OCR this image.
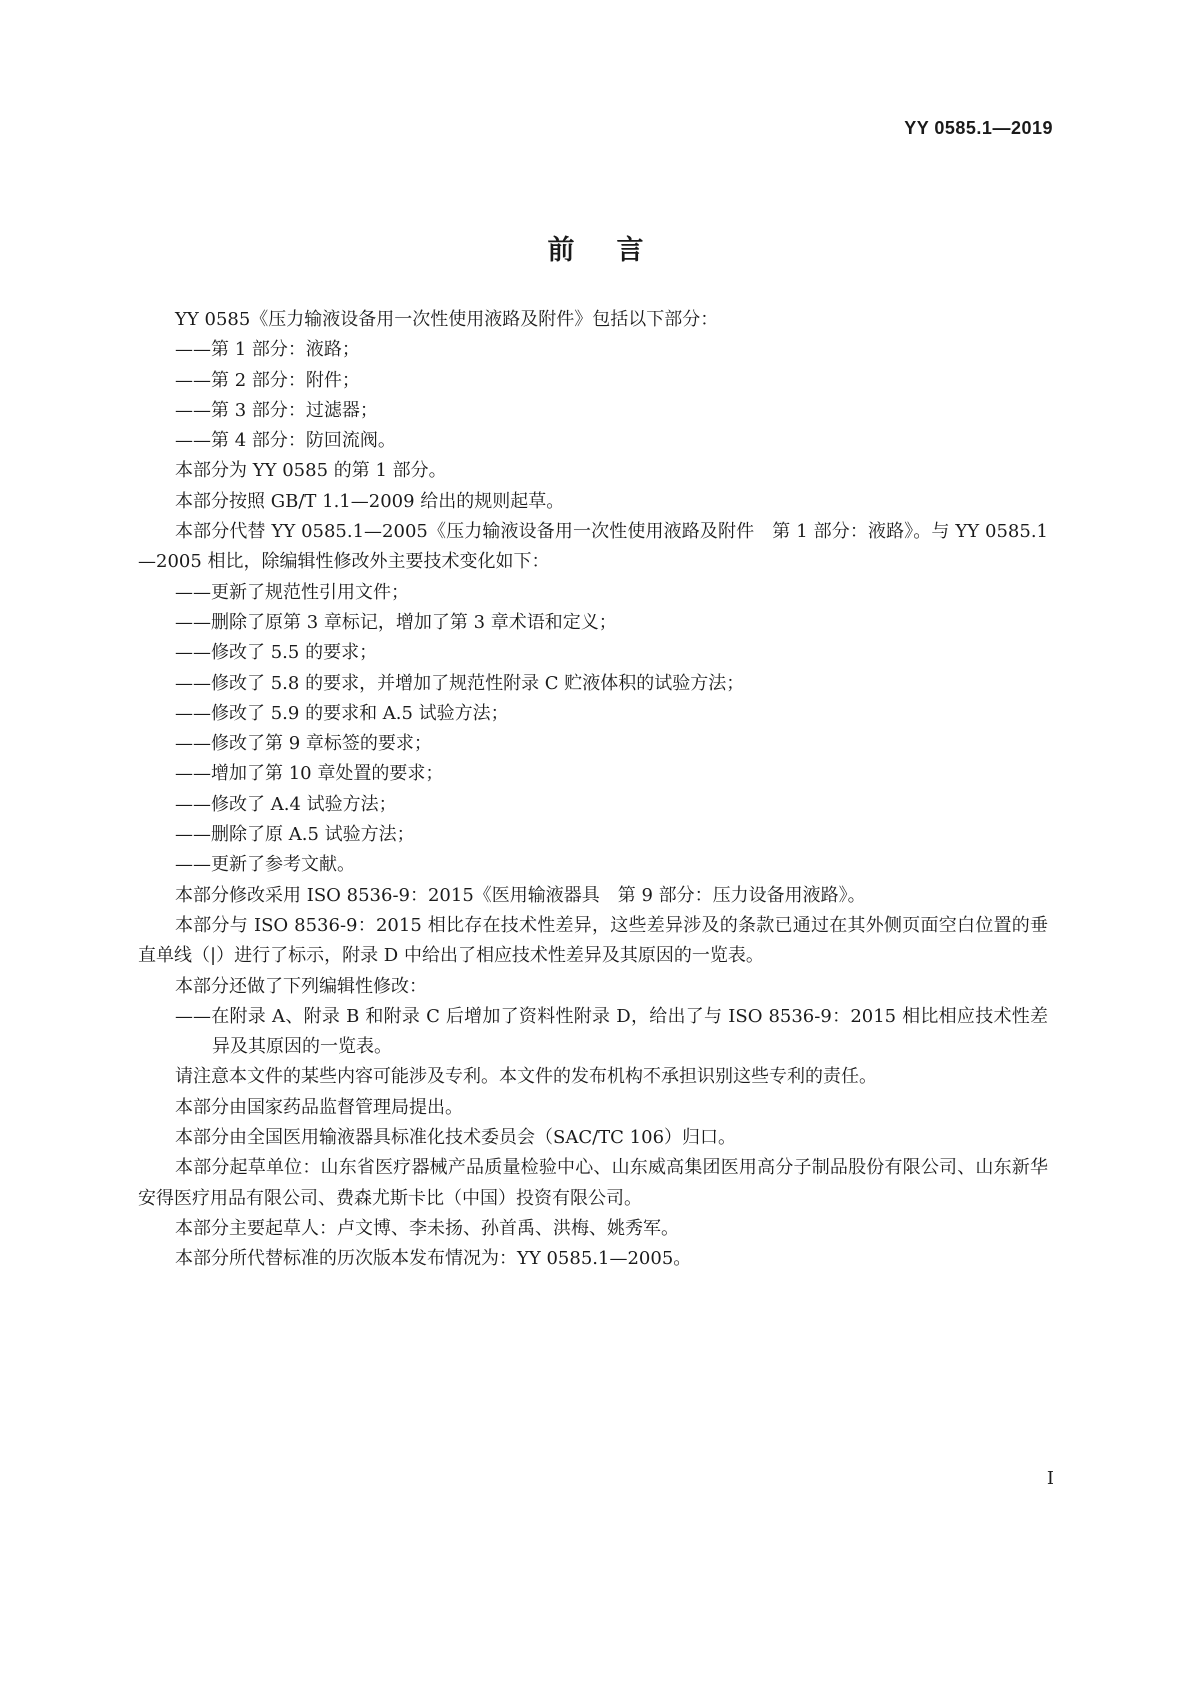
YY 0585.1—2019
前言

YY 0585《压力输液设备用一次性使用液路及附件》包括以下部分：

——第 1 部分：液路；

——第 2 部分：附件；

——第 3 部分：过滤器；

——第 4 部分：防回流阀。

本部分为 YY 0585 的第 1 部分。

本部分按照 GB/T 1.1—2009 给出的规则起草。

本部分代替 YY 0585.1—2005《压力输液设备用一次性使用液路及附件　第 1 部分：液路》。与 YY 0585.1—2005 相比，除编辑性修改外主要技术变化如下：

——更新了规范性引用文件；

——删除了原第 3 章标记，增加了第 3 章术语和定义；

——修改了 5.5 的要求；

——修改了 5.8 的要求，并增加了规范性附录 C 贮液体积的试验方法；

——修改了 5.9 的要求和 A.5 试验方法；

——修改了第 9 章标签的要求；

——增加了第 10 章处置的要求；

——修改了 A.4 试验方法；

——删除了原 A.5 试验方法；

——更新了参考文献。

本部分修改采用 ISO 8536-9：2015《医用输液器具　第 9 部分：压力设备用液路》。

本部分与 ISO 8536-9：2015 相比存在技术性差异，这些差异涉及的条款已通过在其外侧页面空白位置的垂直单线（|）进行了标示，附录 D 中给出了相应技术性差异及其原因的一览表。

本部分还做了下列编辑性修改：

——在附录 A、附录 B 和附录 C 后增加了资料性附录 D，给出了与 ISO 8536-9：2015 相比相应技术性差异及其原因的一览表。

请注意本文件的某些内容可能涉及专利。本文件的发布机构不承担识别这些专利的责任。

本部分由国家药品监督管理局提出。

本部分由全国医用输液器具标准化技术委员会（SAC/TC 106）归口。

本部分起草单位：山东省医疗器械产品质量检验中心、山东威高集团医用高分子制品股份有限公司、山东新华安得医疗用品有限公司、费森尤斯卡比（中国）投资有限公司。

本部分主要起草人：卢文博、李未扬、孙首禹、洪梅、姚秀军。

本部分所代替标准的历次版本发布情况为：YY 0585.1—2005。

I
